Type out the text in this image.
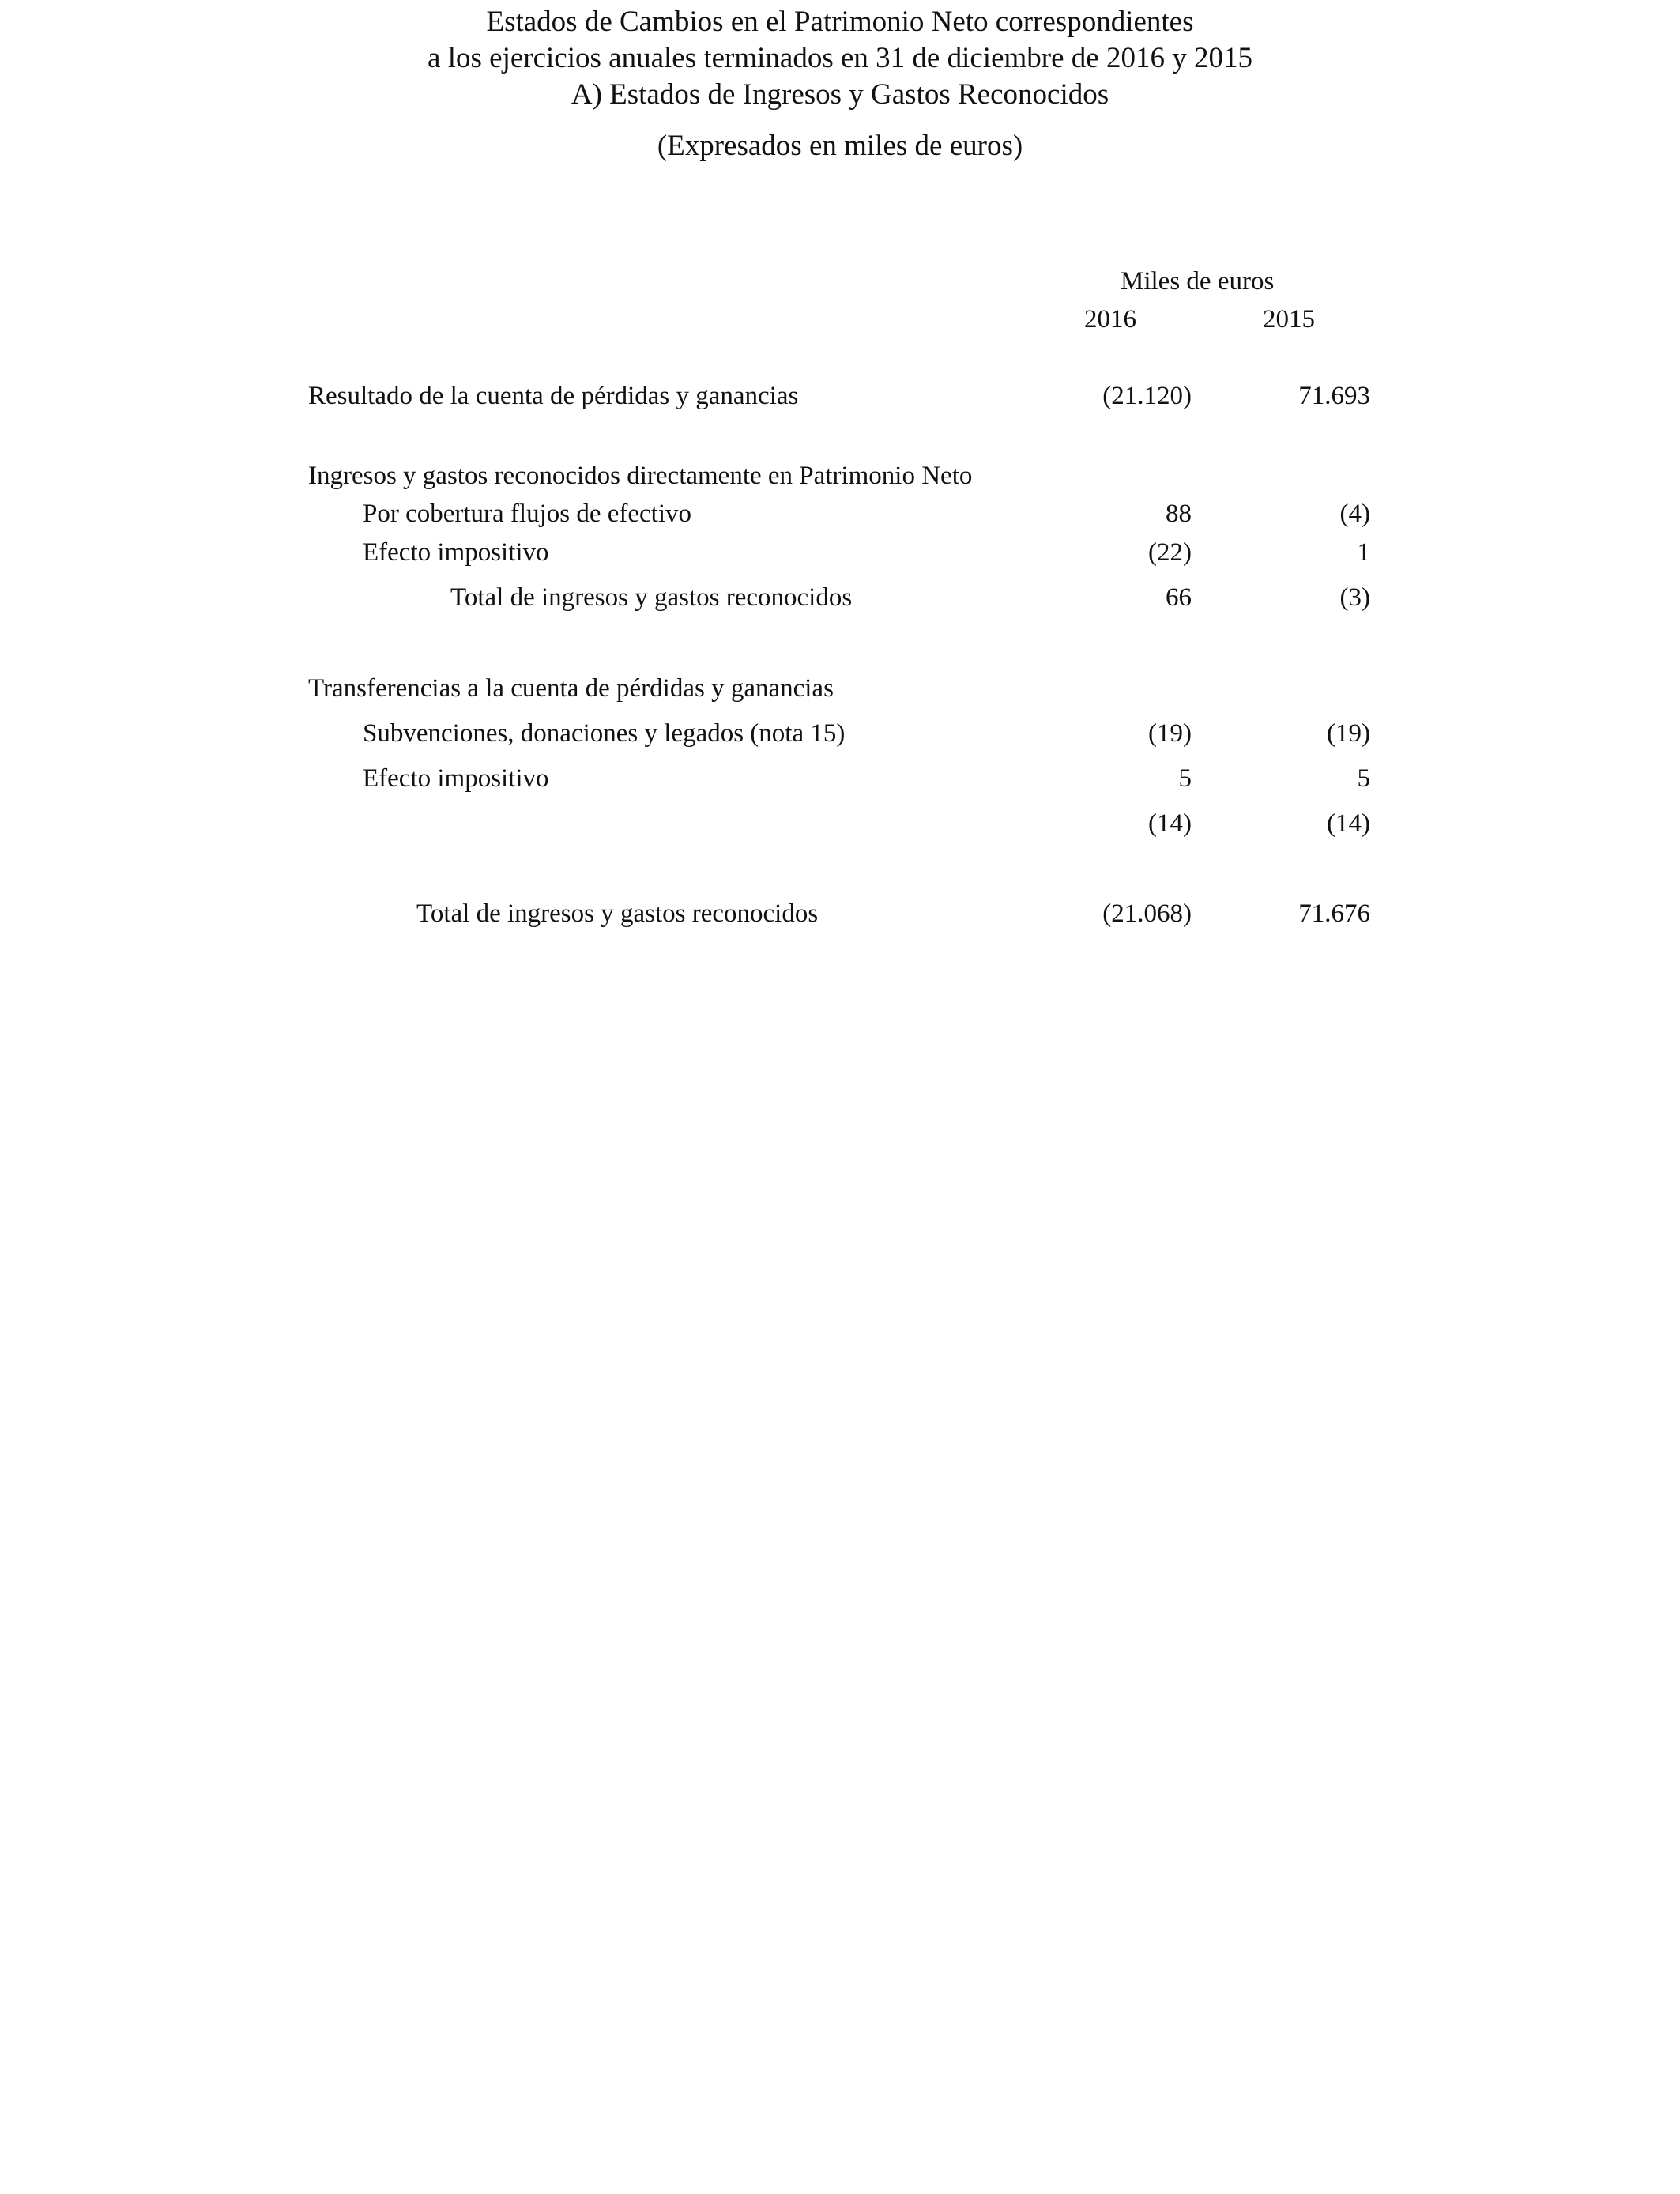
Estados de Cambios en el Patrimonio Neto correspondientes
a los ejercicios anuales terminados en 31 de diciembre de 2016 y 2015
A) Estados de Ingresos y Gastos Reconocidos
(Expresados en miles de euros)
Miles de euros
2016	2015
Resultado de la cuenta de pérdidas y ganancias	(21.120)	71.693
Ingresos y gastos reconocidos directamente en Patrimonio Neto
Por cobertura flujos de efectivo	88	(4)
Efecto impositivo	(22)	1
Total de ingresos y gastos reconocidos	66	(3)
Transferencias a la cuenta de pérdidas y ganancias
Subvenciones, donaciones y legados (nota 15)	(19)	(19)
Efecto impositivo	5	5
(14)	(14)
Total de ingresos y gastos reconocidos	(21.068)	71.676
